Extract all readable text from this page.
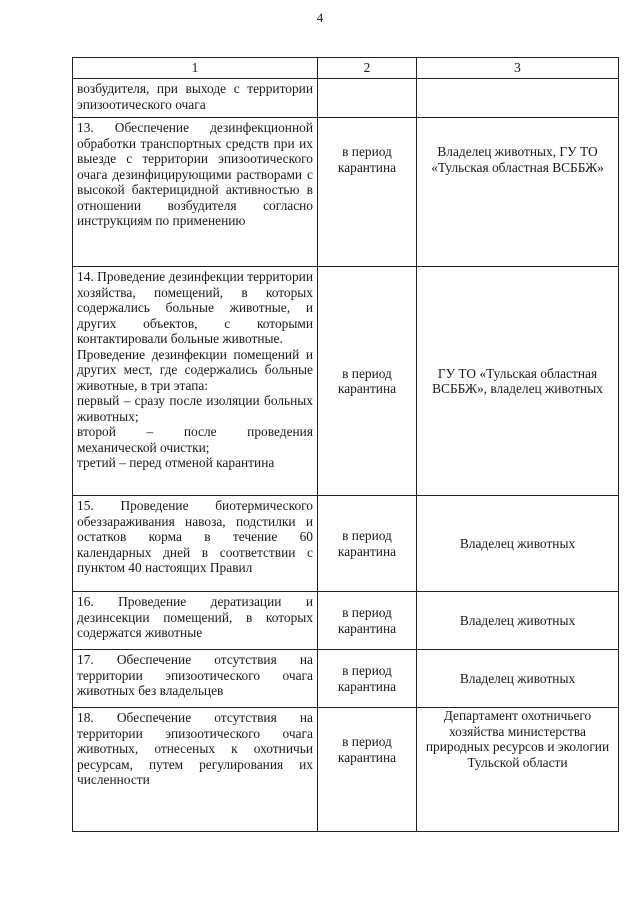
4
1	2	3
возбудителя, при выходе с территории эпизоотического очага		
13. Обеспечение дезинфекционной обработки транспортных средств при их выезде с территории эпизоотического очага дезинфицирующими растворами с высокой бактерицидной активностью в отношении возбудителя согласно инструкциям по применению	в период карантина	Владелец животных, ГУ ТО «Тульская областная ВСББЖ»

14. Проведение дезинфекции территории хозяйства, помещений, в которых содержались больные животные, и других объектов, с которыми контактировали больные животные.

Проведение дезинфекции помещений и других мест, где содержались больные животные, в три этапа:

первый – сразу после изоляции больных животных;

второй – после проведения механической очистки;

третий – перед отменой карантина	в период карантина	ГУ ТО «Тульская областная ВСББЖ», владелец животных
15. Проведение биотермического обеззараживания навоза, подстилки и остатков корма в течение 60 календарных дней в соответствии с пунктом 40 настоящих Правил	в период карантина	Владелец животных
16. Проведение дератизации и дезинсекции помещений, в которых содержатся животные	в период карантина	Владелец животных
17. Обеспечение отсутствия на территории эпизоотического очага животных без владельцев	в период карантина	Владелец животных
18. Обеспечение отсутствия на территории эпизоотического очага животных, отнесеных к охотничьи ресурсам, путем регулирования их численности	в период карантина	Департамент охотничьего хозяйства министерства природных ресурсов и экологии Тульской области
